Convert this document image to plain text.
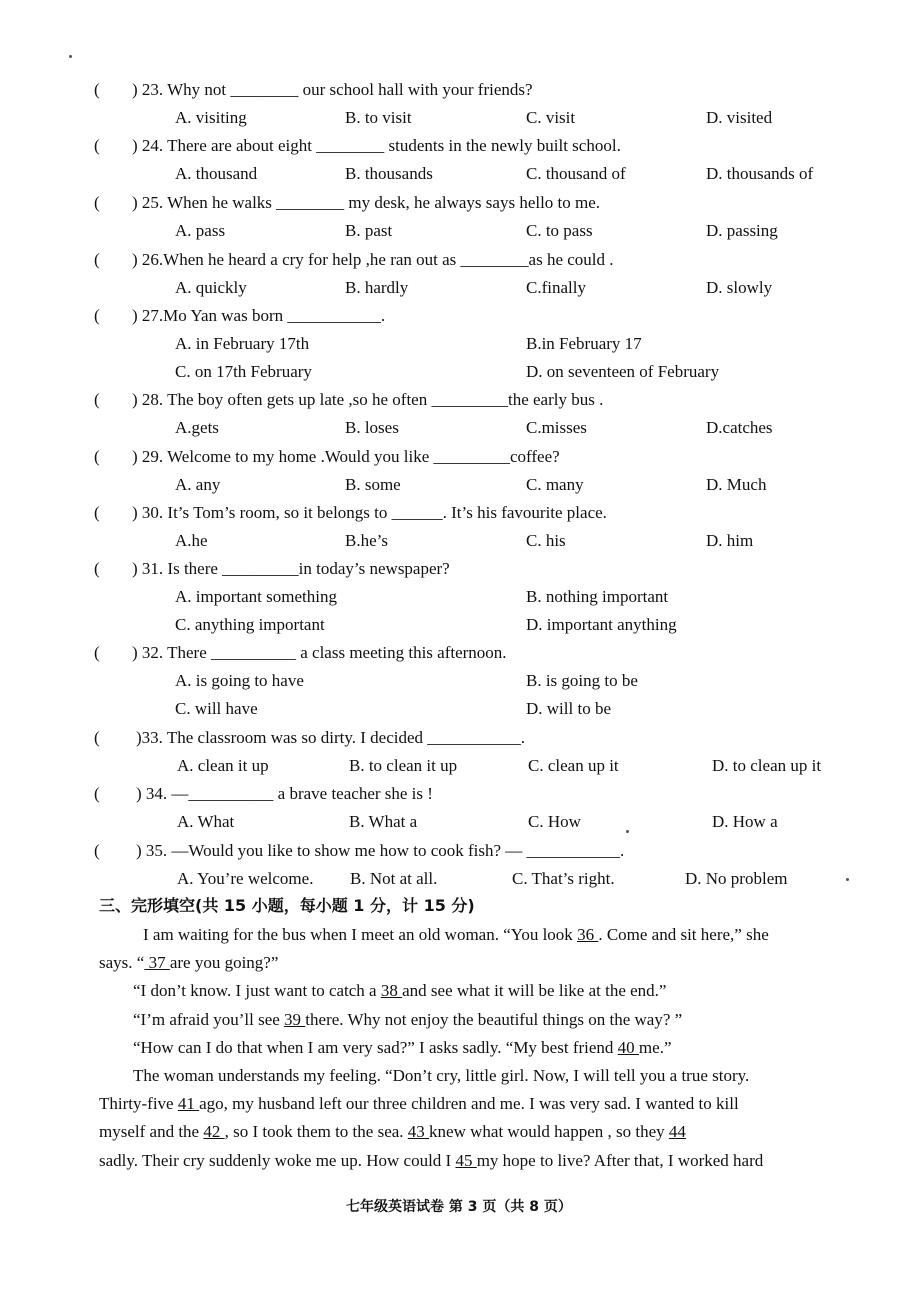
( ) 23. Why not ________ our school hall with your friends?
A. visiting	B. to visit	C. visit	D. visited
( ) 24. There are about eight ________ students in the newly built school.
A. thousand	B. thousands	C. thousand of	D. thousands of
( ) 25. When he walks ________ my desk, he always says hello to me.
A. pass	B. past	C. to pass	D. passing
( ) 26.When he heard a cry for help ,he ran out as ________as he could .
A. quickly	B. hardly	C.finally	D. slowly
( ) 27.Mo Yan was born ___________.
A. in February 17th	B.in February 17
C. on 17th February	D. on seventeen of February
( ) 28. The boy often gets up late ,so he often _________the early bus .
A.gets	B. loses	C.misses	D.catches
( ) 29. Welcome to my home .Would you like _________coffee?
A. any	B. some	C. many	D. Much
( ) 30. It’s Tom’s room, so it belongs to ______. It’s his favourite place.
A.he	B.he’s	C. his	D. him
( ) 31. Is there _________in today’s newspaper?
A. important something	B. nothing important
C. anything important	D. important anything
( ) 32. There __________ a class meeting this afternoon.
A. is going to have	B. is going to be
C. will have	D. will to be
( )33. The classroom was so dirty. I decided ___________.
A. clean it up	B. to clean it up	C. clean up it	D. to clean up it
( ) 34. —__________ a brave teacher she is !
A. What	B. What a	C. How	D. How a
( ) 35. —Would you like to show me how to cook fish? — ___________.
A. You’re welcome. B. Not at all.	C. That’s right.	D. No problem
三、完形填空(共 15 小题，每小题 1 分，计 15 分)
I am waiting for the bus when I meet an old woman. “You look 36 . Come and sit here,” she
says. “ 37 are you going?”
“I don’t know. I just want to catch a 38 and see what it will be like at the end.”
“I’m afraid you’ll see 39 there. Why not enjoy the beautiful things on the way? ”
“How can I do that when I am very sad?” I asks sadly. “My best friend 40 me.”
The woman understands my feeling. “Don’t cry, little girl. Now, I will tell you a true story.
Thirty-five 41 ago, my husband left our three children and me. I was very sad. I wanted to kill
myself and the 42 , so I took them to the sea. 43 knew what would happen , so they 44
sadly. Their cry suddenly woke me up. How could I 45 my hope to live? After that, I worked hard
七年级英语试卷 第 3 页（共 8 页）
